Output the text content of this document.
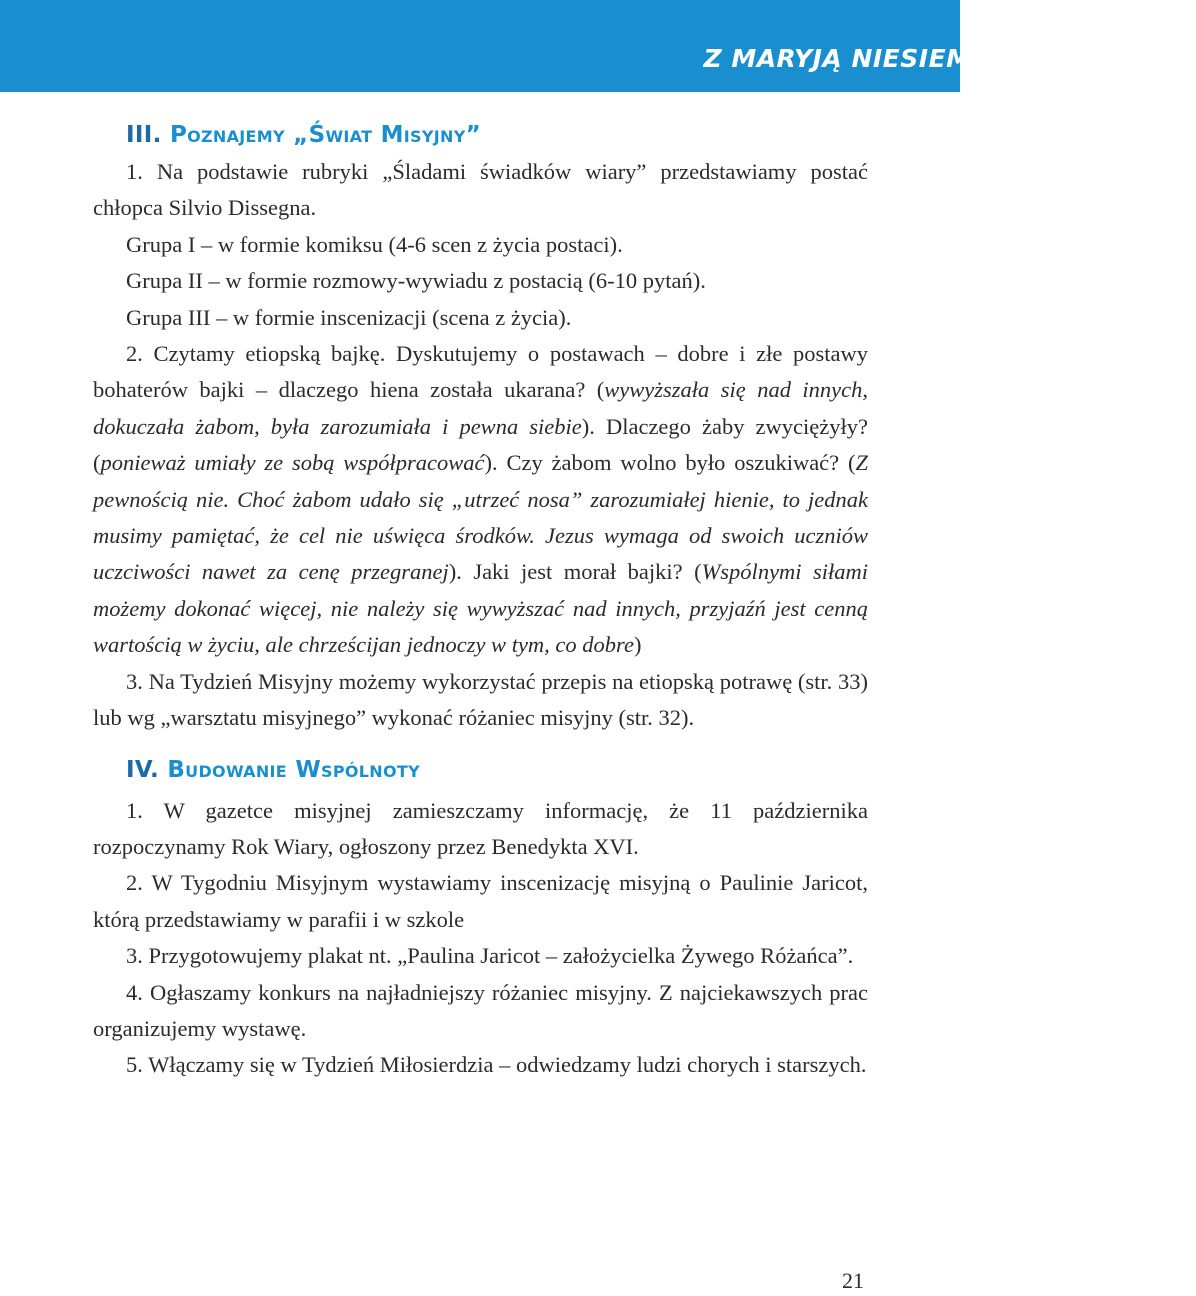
Z MARYJĄ NIESIEMY JEZUSA
III. Poznajemy „Świat Misyjny”

1. Na podstawie rubryki „Śladami świadków wiary” przedstawiamy postać chłopca Silvio Dissegna.

Grupa I – w formie komiksu (4-6 scen z życia postaci).

Grupa II – w formie rozmowy-wywiadu z postacią (6-10 pytań).

Grupa III – w formie inscenizacji (scena z życia).

2. Czytamy etiopską bajkę. Dyskutujemy o postawach – dobre i złe postawy bohaterów bajki – dlaczego hiena została ukarana? (wywyższała się nad innych, dokuczała żabom, była zarozumiała i pewna siebie). Dlaczego żaby zwyciężyły? (ponieważ umiały ze sobą współpracować). Czy żabom wolno było oszukiwać? (Z pewnością nie. Choć żabom udało się „utrzeć nosa” zarozumiałej hienie, to jednak musimy pamiętać, że cel nie uświęca środków. Jezus wymaga od swoich uczniów uczciwości nawet za cenę przegranej). Jaki jest morał bajki? (Wspólnymi siłami możemy dokonać więcej, nie należy się wywyższać nad innych, przyjaźń jest cenną wartością w życiu, ale chrześcijan jednoczy w tym, co dobre)

3. Na Tydzień Misyjny możemy wykorzystać przepis na etiopską potrawę (str. 33) lub wg „warsztatu misyjnego” wykonać różaniec misyjny (str. 32).

IV. Budowanie Wspólnoty

1. W gazetce misyjnej zamieszczamy informację, że 11 października rozpoczynamy Rok Wiary, ogłoszony przez Benedykta XVI.

2. W Tygodniu Misyjnym wystawiamy inscenizację misyjną o Paulinie Jaricot, którą przedstawiamy w parafii i w szkole

3. Przygotowujemy plakat nt. „Paulina Jaricot – założycielka Żywego Różańca”.

4. Ogłaszamy konkurs na najładniejszy różaniec misyjny. Z najciekawszych prac organizujemy wystawę.

5. Włączamy się w Tydzień Miłosierdzia – odwiedzamy ludzi chorych i starszych.

21
